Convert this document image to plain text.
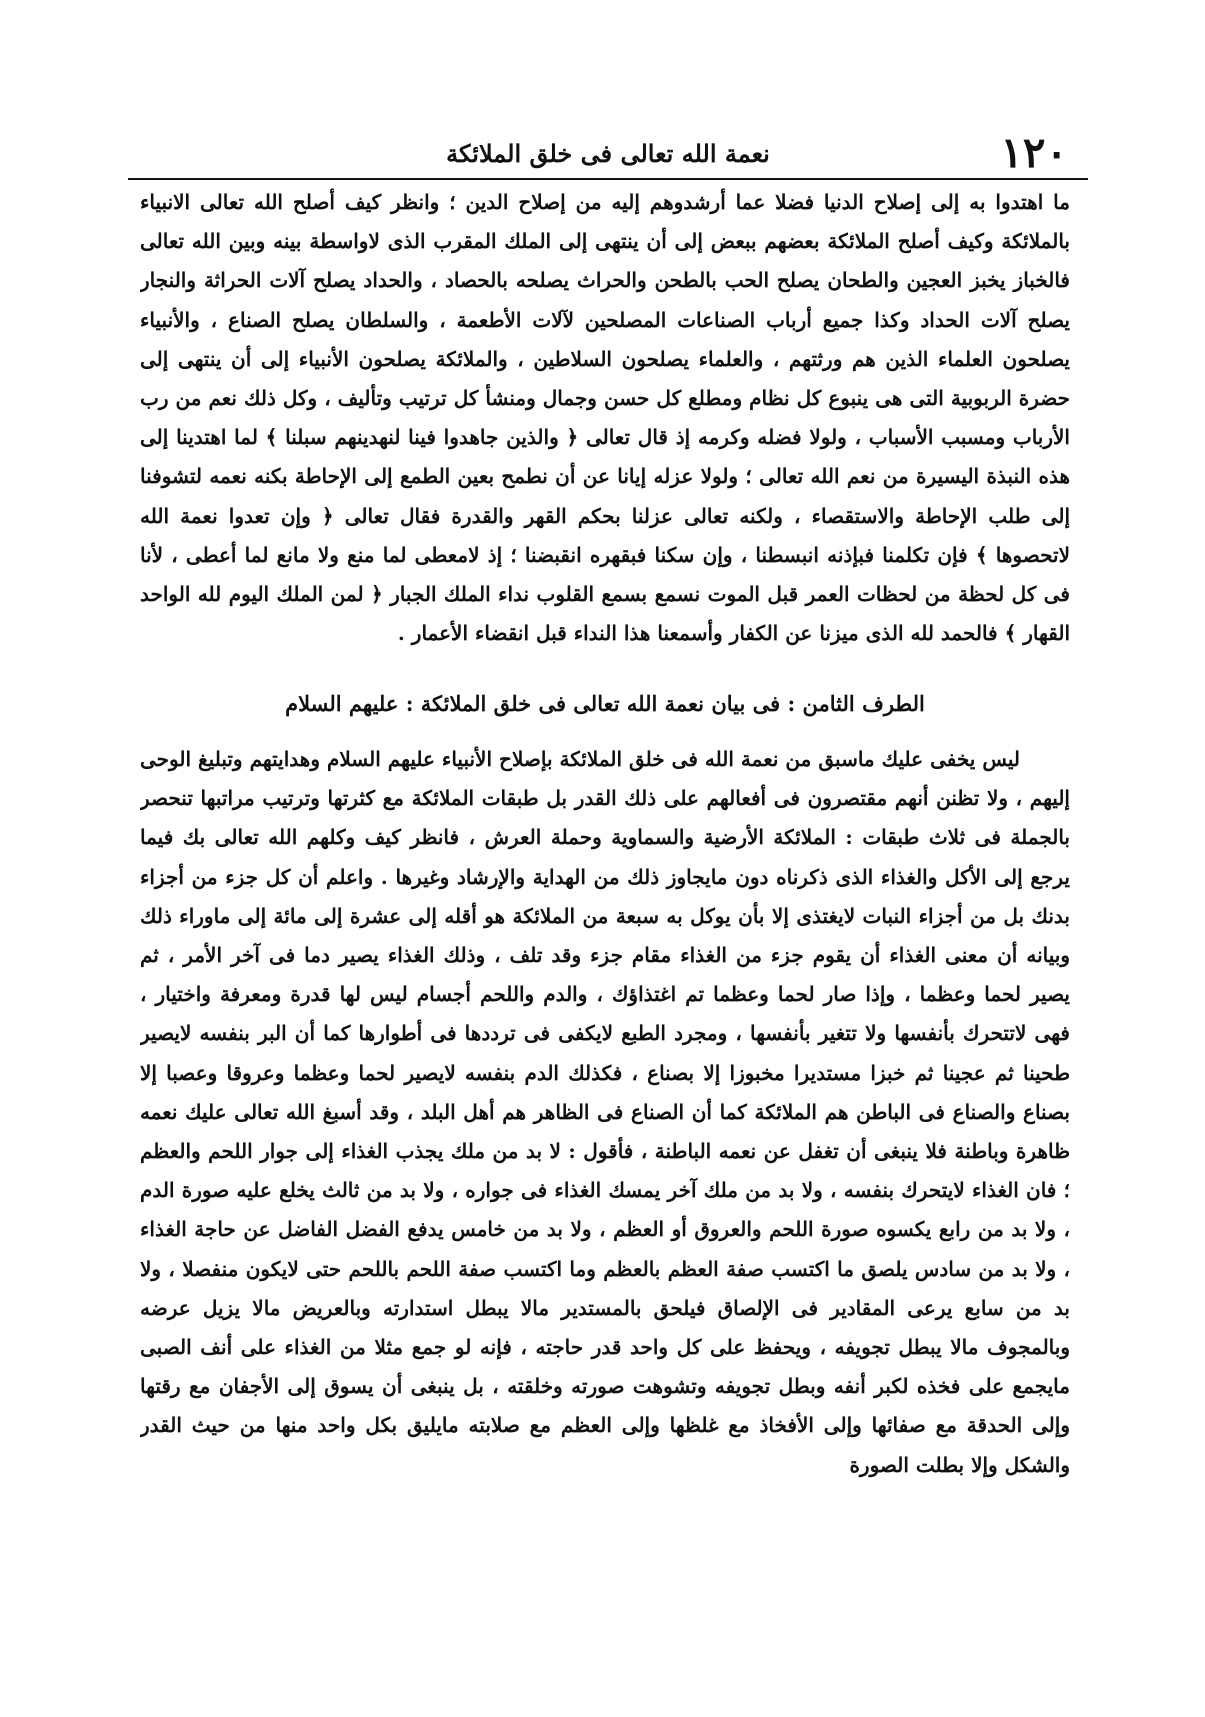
١٢٠
نعمة الله تعالى فى خلق الملائكة
ما اهتدوا به إلى إصلاح الدنيا فضلا عما أرشدوهم إليه من إصلاح الدين ؛ وانظر كيف أصلح الله تعالى الانبياء بالملائكة وكيف أصلح الملائكة بعضهم ببعض إلى أن ينتهى إلى الملك المقرب الذى لاواسطة بينه وبين الله تعالى فالخباز يخبز العجين والطحان يصلح الحب بالطحن والحراث يصلحه بالحصاد ، والحداد يصلح آلات الحراثة والنجار يصلح آلات الحداد وكذا جميع أرباب الصناعات المصلحين لآلات الأطعمة ، والسلطان يصلح الصناع ، والأنبياء يصلحون العلماء الذين هم ورثتهم ، والعلماء يصلحون السلاطين ، والملائكة يصلحون الأنبياء إلى أن ينتهى إلى حضرة الربوبية التى هى ينبوع كل نظام ومطلع كل حسن وجمال ومنشأ كل ترتيب وتأليف ، وكل ذلك نعم من رب الأرباب ومسبب الأسباب ، ولولا فضله وكرمه إذ قال تعالى ﴿ والذين جاهدوا فينا لنهدينهم سبلنا ﴾ لما اهتدينا إلى هذه النبذة اليسيرة من نعم الله تعالى ؛ ولولا عزله إيانا عن أن نطمح بعين الطمع إلى الإحاطة بكنه نعمه لتشوفنا إلى طلب الإحاطة والاستقصاء ، ولكنه تعالى عزلنا بحكم القهر والقدرة فقال تعالى ﴿ وإن تعدوا نعمة الله لاتحصوها ﴾ فإن تكلمنا فبإذنه انبسطنا ، وإن سكنا فبقهره انقبضنا ؛ إذ لامعطى لما منع ولا مانع لما أعطى ، لأنا فى كل لحظة من لحظات العمر قبل الموت نسمع بسمع القلوب نداء الملك الجبار ﴿ لمن الملك اليوم لله الواحد القهار ﴾ فالحمد لله الذى ميزنا عن الكفار وأسمعنا هذا النداء قبل انقضاء الأعمار .
الطرف الثامن : فى بيان نعمة الله تعالى فى خلق الملائكة : عليهم السلام
ليس يخفى عليك ماسبق من نعمة الله فى خلق الملائكة بإصلاح الأنبياء عليهم السلام وهدايتهم وتبليغ الوحى إليهم ، ولا تظنن أنهم مقتصرون فى أفعالهم على ذلك القدر بل طبقات الملائكة مع كثرتها وترتيب مراتبها تنحصر بالجملة فى ثلاث طبقات : الملائكة الأرضية والسماوية وحملة العرش ، فانظر كيف وكلهم الله تعالى بك فيما يرجع إلى الأكل والغذاء الذى ذكرناه دون مايجاوز ذلك من الهداية والإرشاد وغيرها . واعلم أن كل جزء من أجزاء بدنك بل من أجزاء النبات لايغتذى إلا بأن يوكل به سبعة من الملائكة هو أقله إلى عشرة إلى مائة إلى ماوراء ذلك وبيانه أن معنى الغذاء أن يقوم جزء من الغذاء مقام جزء وقد تلف ، وذلك الغذاء يصير دما فى آخر الأمر ، ثم يصير لحما وعظما ، وإذا صار لحما وعظما تم اغتذاؤك ، والدم واللحم أجسام ليس لها قدرة ومعرفة واختيار ، فهى لاتتحرك بأنفسها ولا تتغير بأنفسها ، ومجرد الطبع لايكفى فى ترددها فى أطوارها كما أن البر بنفسه لايصير طحينا ثم عجينا ثم خبزا مستديرا مخبوزا إلا بصناع ، فكذلك الدم بنفسه لايصير لحما وعظما وعروقا وعصبا إلا بصناع والصناع فى الباطن هم الملائكة كما أن الصناع فى الظاهر هم أهل البلد ، وقد أسبغ الله تعالى عليك نعمه ظاهرة وباطنة فلا ينبغى أن تغفل عن نعمه الباطنة ، فأقول : لا بد من ملك يجذب الغذاء إلى جوار اللحم والعظم ؛ فان الغذاء لايتحرك بنفسه ، ولا بد من ملك آخر يمسك الغذاء فى جواره ، ولا بد من ثالث يخلع عليه صورة الدم ، ولا بد من رابع يكسوه صورة اللحم والعروق أو العظم ، ولا بد من خامس يدفع الفضل الفاضل عن حاجة الغذاء ، ولا بد من سادس يلصق ما اكتسب صفة العظم بالعظم وما اكتسب صفة اللحم باللحم حتى لايكون منفصلا ، ولا بد من سابع يرعى المقادير فى الإلصاق فيلحق بالمستدير مالا يبطل استدارته وبالعريض مالا يزيل عرضه وبالمجوف مالا يبطل تجويفه ، ويحفظ على كل واحد قدر حاجته ، فإنه لو جمع مثلا من الغذاء على أنف الصبى مايجمع على فخذه لكبر أنفه وبطل تجويفه وتشوهت صورته وخلقته ، بل ينبغى أن يسوق إلى الأجفان مع رقتها وإلى الحدقة مع صفائها وإلى الأفخاذ مع غلظها وإلى العظم مع صلابته مايليق بكل واحد منها من حيث القدر والشكل وإلا بطلت الصورة
